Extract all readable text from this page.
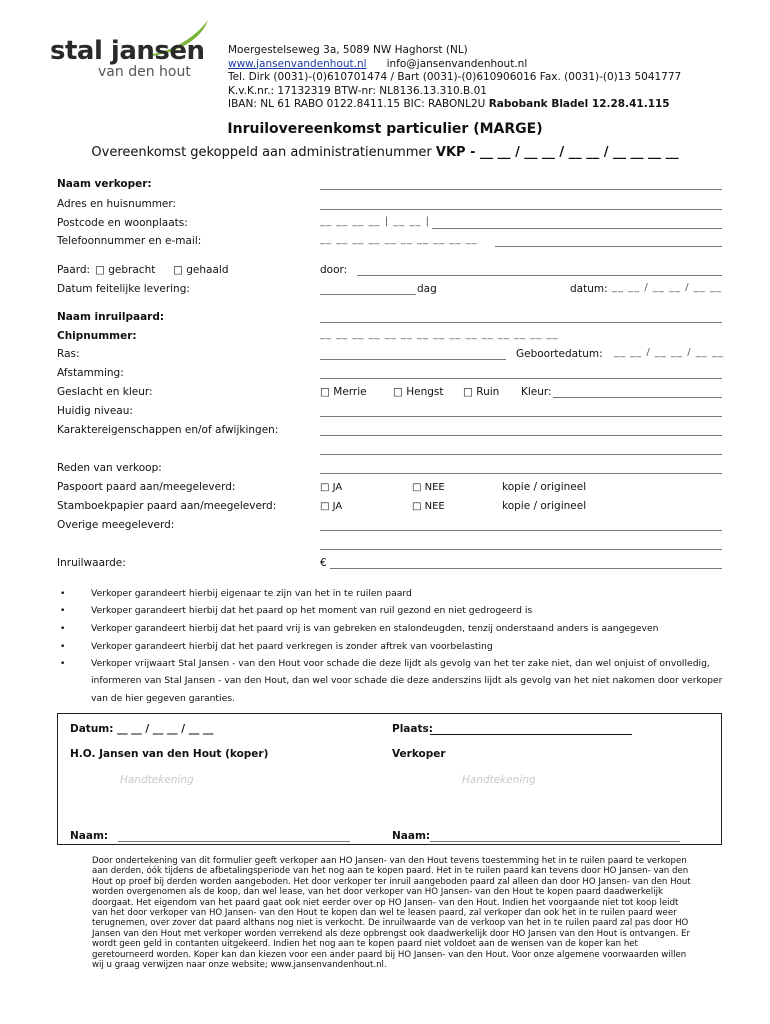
stal jansen
van den hout
Moergestelseweg 3a, 5089 NW Haghorst (NL)
www.jansenvandenhout.nl info@jansenvandenhout.nl
Tel. Dirk (0031)-(0)610701474 / Bart (0031)-(0)610906016 Fax. (0031)-(0)13 5041777
K.v.K.nr.: 17132319 BTW-nr: NL8136.13.310.B.01
IBAN: NL 61 RABO 0122.8411.15 BIC: RABONL2U Rabobank Bladel 12.28.41.115
Inruilovereenkomst particulier (MARGE)
Overeenkomst gekoppeld aan administratienummer VKP - __ __ / __ __ / __ __ / __ __ __ __
Naam verkoper:
Adres en huisnummer:
Postcode en woonplaats:	__ __ __ __ | __ __ |
Telefoonnummer en e-mail:	__ __ __ __ __ __ __ __ __ __
Paard: □ gebracht □ gehaald	door:
Datum feitelijke levering:	dag	datum: __ __ / __ __ / __ __
Naam inruilpaard:
Chipnummer:	__ __ __ __ __ __ __ __ __ __ __ __ __ __ __
Ras:	Geboortedatum: __ __ / __ __ / __ __
Afstamming:
Geslacht en kleur:	□ Merrie	□ Hengst □ Ruin Kleur:
Huidig niveau:
Karaktereigenschappen en/of afwijkingen:
Reden van verkoop:
Paspoort paard aan/meegeleverd:	□ JA	□ NEE	kopie / origineel
Stamboekpapier paard aan/meegeleverd:	□ JA	□ NEE	kopie / origineel
Overige meegeleverd:
Inruilwaarde:	€
•	Verkoper garandeert hierbij eigenaar te zijn van het in te ruilen paard
•	Verkoper garandeert hierbij dat het paard op het moment van ruil gezond en niet gedrogeerd is
•	Verkoper garandeert hierbij dat het paard vrij is van gebreken en stalondeugden, tenzij onderstaand anders is aangegeven
•	Verkoper garandeert hierbij dat het paard verkregen is zonder aftrek van voorbelasting
•	Verkoper vrijwaart Stal Jansen - van den Hout voor schade die deze lijdt als gevolg van het ter zake niet, dan wel onjuist of onvolledig,
informeren van Stal Jansen - van den Hout, dan wel voor schade die deze anderszins lijdt als gevolg van het niet nakomen door verkoper
van de hier gegeven garanties.
Datum: __ __ / __ __ / __ __	Plaats:
H.O. Jansen van den Hout (koper)	Verkoper
Handtekening	Handtekening
Naam:	Naam:
Door ondertekening van dit formulier geeft verkoper aan HO Jansen- van den Hout tevens toestemming het in te ruilen paard te verkopen aan derden, óók tijdens de afbetalingsperiode van het nog aan te kopen paard. Het in te ruilen paard kan tevens door HO Jansen- van den Hout op proef bij derden worden aangeboden. Het door verkoper ter inruil aangeboden paard zal alleen dan door HO Jansen- van den Hout worden overgenomen als de koop, dan wel lease, van het door verkoper van HO Jansen- van den Hout te kopen paard daadwerkelijk doorgaat. Het eigendom van het paard gaat ook niet eerder over op HO Jansen- van den Hout. Indien het voorgaande niet tot koop leidt van het door verkoper van HO Jansen- van den Hout te kopen dan wel te leasen paard, zal verkoper dan ook het in te ruilen paard weer terugnemen, over zover dat paard althans nog niet is verkocht. De inruilwaarde van de verkoop van het in te ruilen paard zal pas door HO Jansen van den Hout met verkoper worden verrekend als deze opbrengst ook daadwerkelijk door HO Jansen van den Hout is ontvangen. Er wordt geen geld in contanten uitgekeerd. Indien het nog aan te kopen paard niet voldoet aan de wensen van de koper kan het geretourneerd worden. Koper kan dan kiezen voor een ander paard bij HO Jansen- van den Hout. Voor onze algemene voorwaarden willen wij u graag verwijzen naar onze website; www.jansenvandenhout.nl.
